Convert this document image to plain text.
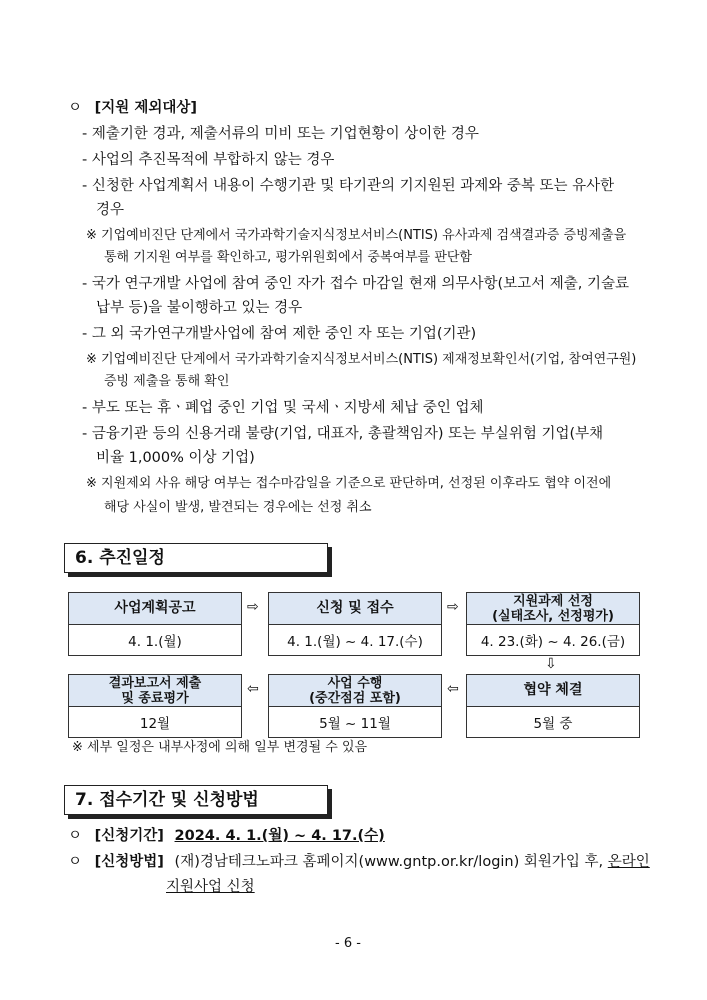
ㅇ [지원 제외대상]
- 제출기한 경과, 제출서류의 미비 또는 기업현황이 상이한 경우
- 사업의 추진목적에 부합하지 않는 경우
- 신청한 사업계획서 내용이 수행기관 및 타기관의 기지원된 과제와 중복 또는 유사한
경우
※ 기업예비진단 단계에서 국가과학기술지식정보서비스(NTIS) 유사과제 검색결과증 증빙제출을
통해 기지원 여부를 확인하고, 평가위원회에서 중복여부를 판단함
- 국가 연구개발 사업에 참여 중인 자가 접수 마감일 현재 의무사항(보고서 제출, 기술료
납부 등)을 불이행하고 있는 경우
- 그 외 국가연구개발사업에 참여 제한 중인 자 또는 기업(기관)
※ 기업예비진단 단계에서 국가과학기술지식정보서비스(NTIS) 제재정보확인서(기업, 참여연구원)
증빙 제출을 통해 확인
- 부도 또는 휴ㆍ폐업 중인 기업 및 국세ㆍ지방세 체납 중인 업체
- 금융기관 등의 신용거래 불량(기업, 대표자, 총괄책임자) 또는 부실위험 기업(부채
비율 1,000% 이상 기업)
※ 지원제외 사유 해당 여부는 접수마감일을 기준으로 판단하며, 선정된 이후라도 협약 이전에
해당 사실이 발생, 발견되는 경우에는 선정 취소
6. 추진일정
사업계획공고
4. 1.(월)
⇨	신청 및 접수
4. 1.(월) ~ 4. 17.(수)
⇨	지원과제 선정
(실태조사, 선정평가)
4. 23.(화) ~ 4. 26.(금)
⇩
결과보고서 제출
및 종료평가
12월
⇦	사업 수행
(중간점검 포함)
5월 ~ 11월
⇦	협약 체결
5월 중
※ 세부 일정은 내부사정에 의해 일부 변경될 수 있음
7. 접수기간 및 신청방법
ㅇ [신청기간] 2024. 4. 1.(월) ~ 4. 17.(수)
ㅇ [신청방법] (재)경남테크노파크 홈페이지(www.gntp.or.kr/login) 회원가입 후, 온라인
지원사업 신청
- 6 -
